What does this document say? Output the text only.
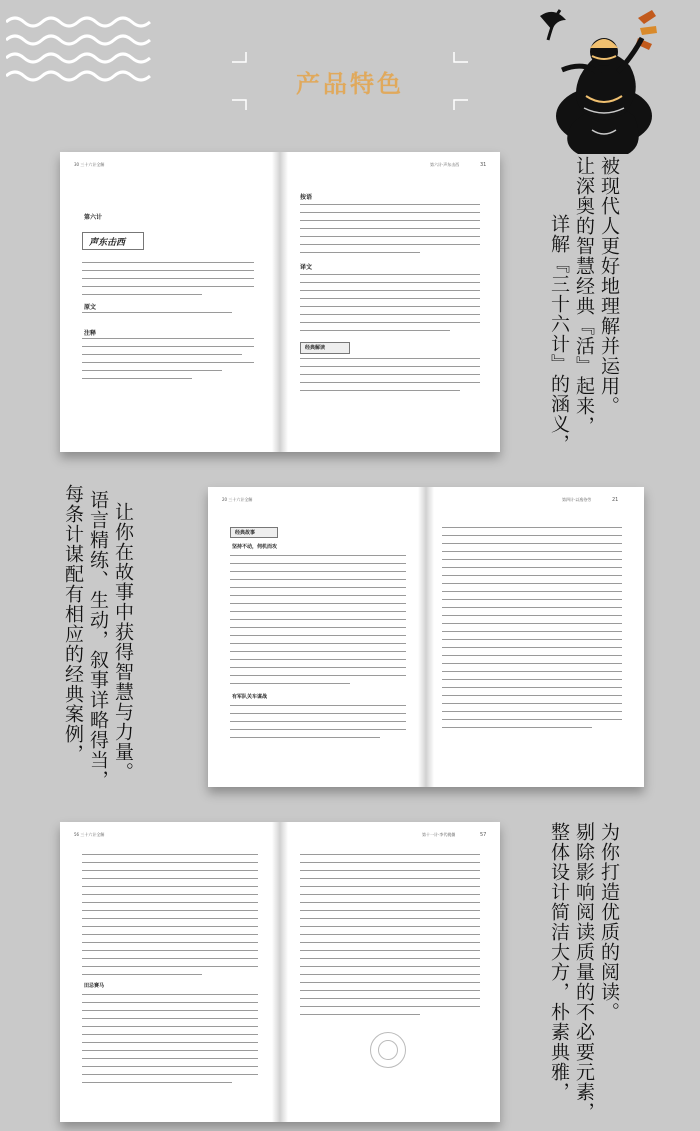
产品特色
被现代人更好地理解并运用。
让深奥的智慧经典『活』起来，
详解『三十六计』的涵义，
让你在故事中获得智慧与力量。
语言精练、生动，叙事详略得当，
每条计谋配有相应的经典案例，
为你打造优质的阅读。
剔除影响阅读质量的不必要元素，
整体设计简洁大方，朴素典雅，
30 三十六计全解	第六计·声东击西	31
第六计
声东击西
原文
注释
按语
译文
经典解读
20 三十六计全解	第四计·以逸待劳	21
经典故事
坚持不动，伺机而攻
有军队关车谋战
56 三十六计全解	第十一计·李代桃僵	57
田忌赛马
